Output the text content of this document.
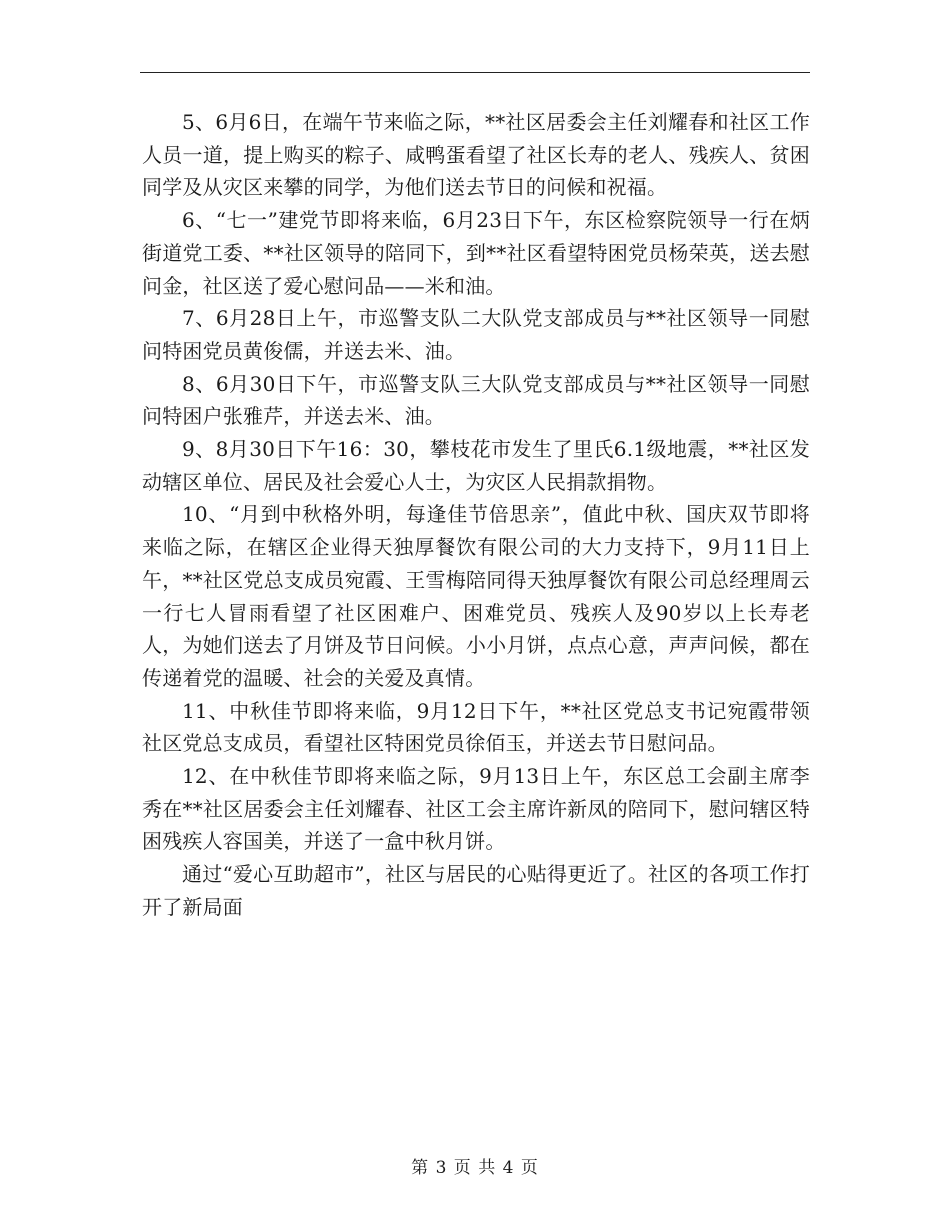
5、6月6日，在端午节来临之际，**社区居委会主任刘耀春和社区工作人员一道，提上购买的粽子、咸鸭蛋看望了社区长寿的老人、残疾人、贫困同学及从灾区来攀的同学，为他们送去节日的问候和祝福。

6、“七一”建党节即将来临，6月23日下午，东区检察院领导一行在炳街道党工委、**社区领导的陪同下，到**社区看望特困党员杨荣英，送去慰问金，社区送了爱心慰问品——米和油。

7、6月28日上午，市巡警支队二大队党支部成员与**社区领导一同慰问特困党员黄俊儒，并送去米、油。

8、6月30日下午，市巡警支队三大队党支部成员与**社区领导一同慰问特困户张雅芹，并送去米、油。

9、8月30日下午16：30，攀枝花市发生了里氏6.1级地震，**社区发动辖区单位、居民及社会爱心人士，为灾区人民捐款捐物。

10、“月到中秋格外明，每逢佳节倍思亲”，值此中秋、国庆双节即将来临之际，在辖区企业得天独厚餐饮有限公司的大力支持下，9月11日上午，**社区党总支成员宛霞、王雪梅陪同得天独厚餐饮有限公司总经理周云一行七人冒雨看望了社区困难户、困难党员、残疾人及90岁以上长寿老人，为她们送去了月饼及节日问候。小小月饼，点点心意，声声问候，都在传递着党的温暖、社会的关爱及真情。

11、中秋佳节即将来临，9月12日下午，**社区党总支书记宛霞带领社区党总支成员，看望社区特困党员徐佰玉，并送去节日慰问品。

12、在中秋佳节即将来临之际，9月13日上午，东区总工会副主席李秀在**社区居委会主任刘耀春、社区工会主席许新凤的陪同下，慰问辖区特困残疾人容国美，并送了一盒中秋月饼。

通过“爱心互助超市”，社区与居民的心贴得更近了。社区的各项工作打开了新局面

第 3 页 共 4 页
